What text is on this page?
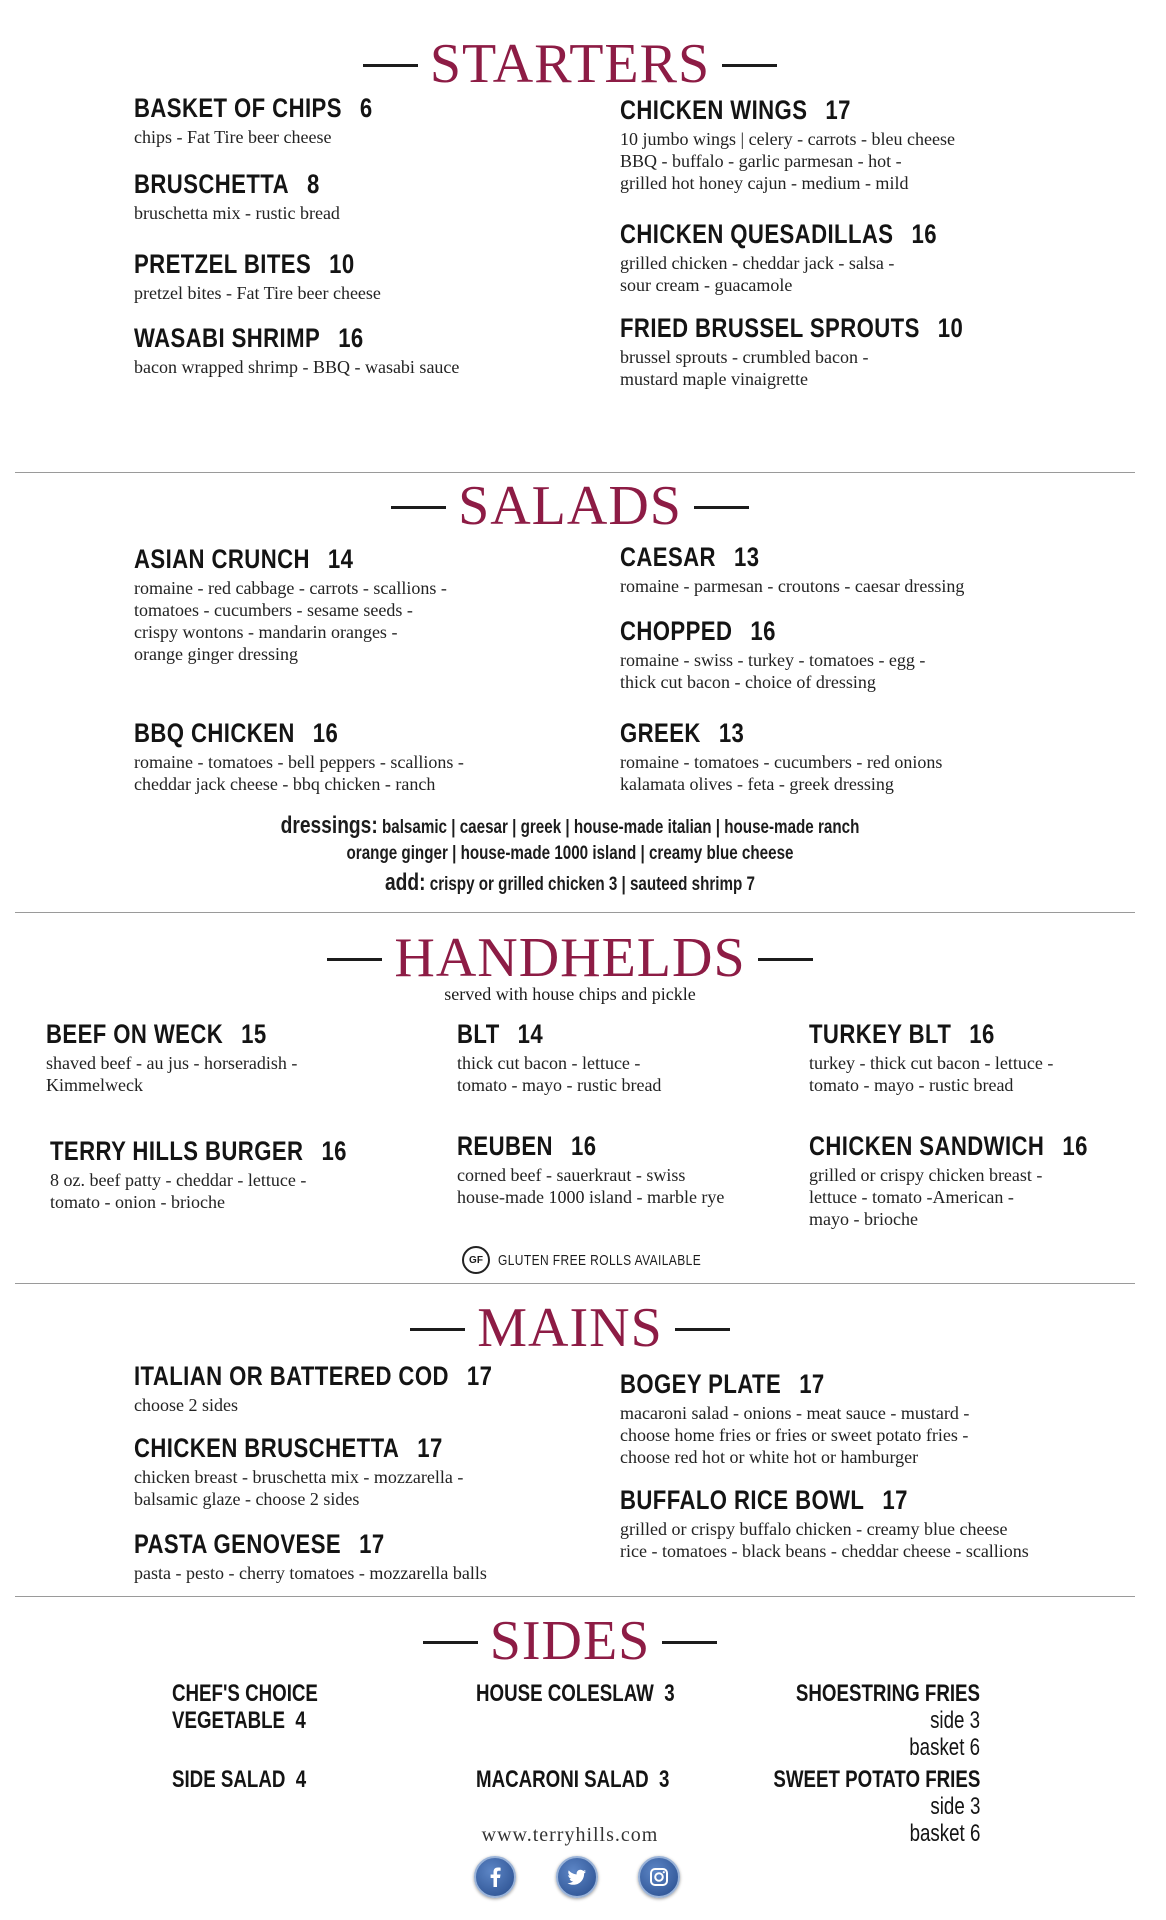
STARTERS
BASKET OF CHIPS 6
chips - Fat Tire beer cheese
BRUSCHETTA 8
bruschetta mix - rustic bread
PRETZEL BITES 10
pretzel bites - Fat Tire beer cheese
WASABI SHRIMP 16
bacon wrapped shrimp - BBQ - wasabi sauce
CHICKEN WINGS 17
10 jumbo wings | celery - carrots - bleu cheese
BBQ - buffalo - garlic parmesan - hot -
grilled hot honey cajun - medium - mild
CHICKEN QUESADILLAS 16
grilled chicken - cheddar jack - salsa -
sour cream - guacamole
FRIED BRUSSEL SPROUTS 10
brussel sprouts - crumbled bacon -
mustard maple vinaigrette
SALADS
ASIAN CRUNCH 14
romaine - red cabbage - carrots - scallions -
tomatoes - cucumbers - sesame seeds -
crispy wontons - mandarin oranges -
orange ginger dressing
BBQ CHICKEN 16
romaine - tomatoes - bell peppers - scallions -
cheddar jack cheese - bbq chicken - ranch
CAESAR 13
romaine - parmesan - croutons - caesar dressing
CHOPPED 16
romaine - swiss - turkey - tomatoes - egg -
thick cut bacon - choice of dressing
GREEK 13
romaine - tomatoes - cucumbers - red onions
kalamata olives - feta - greek dressing
dressings: balsamic | caesar | greek | house-made italian | house-made ranch
orange ginger | house-made 1000 island | creamy blue cheese
add: crispy or grilled chicken 3 | sauteed shrimp 7
HANDHELDS
served with house chips and pickle
BEEF ON WECK 15
shaved beef - au jus - horseradish -
Kimmelweck
BLT 14
thick cut bacon - lettuce -
tomato - mayo - rustic bread
TURKEY BLT 16
turkey - thick cut bacon - lettuce -
tomato - mayo - rustic bread
TERRY HILLS BURGER 16
8 oz. beef patty - cheddar - lettuce -
tomato - onion - brioche
REUBEN 16
corned beef - sauerkraut - swiss
house-made 1000 island - marble rye
CHICKEN SANDWICH 16
grilled or crispy chicken breast -
lettuce - tomato -American -
mayo - brioche
GF	GLUTEN FREE ROLLS AVAILABLE
MAINS
ITALIAN OR BATTERED COD 17
choose 2 sides
CHICKEN BRUSCHETTA 17
chicken breast - bruschetta mix - mozzarella -
balsamic glaze - choose 2 sides
PASTA GENOVESE 17
pasta - pesto - cherry tomatoes - mozzarella balls
BOGEY PLATE 17
macaroni salad - onions - meat sauce - mustard -
choose home fries or fries or sweet potato fries -
choose red hot or white hot or hamburger
BUFFALO RICE BOWL 17
grilled or crispy buffalo chicken - creamy blue cheese
rice - tomatoes - black beans - cheddar cheese - scallions
SIDES
CHEF'S CHOICE
VEGETABLE 4
SIDE SALAD 4
HOUSE COLESLAW 3
MACARONI SALAD 3
SHOESTRING FRIES
side 3
basket 6
SWEET POTATO FRIES
side 3
basket 6
www.terryhills.com
